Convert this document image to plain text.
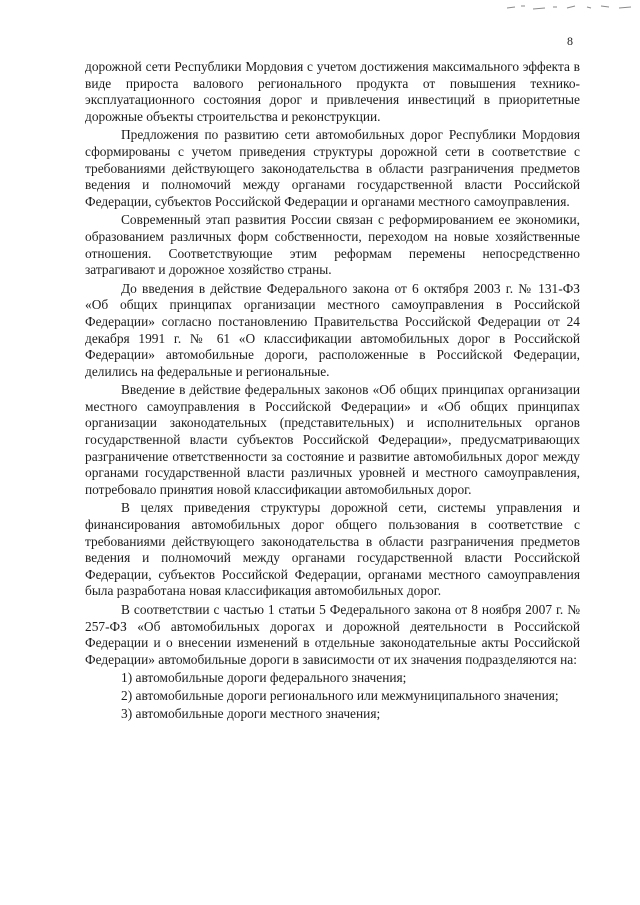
8

дорожной сети Республики Мордовия с учетом достижения максимального эффекта в виде прироста валового регионального продукта от повышения технико-эксплуатационного состояния дорог и привлечения инвестиций в приоритетные дорожные объекты строительства и реконструкции.

Предложения по развитию сети автомобильных дорог Республики Мордовия сформированы с учетом приведения структуры дорожной сети в соответствие с требованиями действующего законодательства в области разграничения предметов ведения и полномочий между органами государственной власти Российской Федерации, субъектов Российской Федерации и органами местного самоуправления.

Современный этап развития России связан с реформированием ее экономики, образованием различных форм собственности, переходом на новые хозяйственные отношения. Соответствующие этим реформам перемены непосредственно затрагивают и дорожное хозяйство страны.

До введения в действие Федерального закона от 6 октября 2003 г. № 131-ФЗ «Об общих принципах организации местного самоуправления в Российской Федерации» согласно постановлению Правительства Российской Федерации от 24 декабря 1991 г. № 61 «О классификации автомобильных дорог в Российской Федерации» автомобильные дороги, расположенные в Российской Федерации, делились на федеральные и региональные.

Введение в действие федеральных законов «Об общих принципах организации местного самоуправления в Российской Федерации» и «Об общих принципах организации законодательных (представительных) и исполнительных органов государственной власти субъектов Российской Федерации», предусматривающих разграничение ответственности за состояние и развитие автомобильных дорог между органами государственной власти различных уровней и местного самоуправления, потребовало принятия новой классификации автомобильных дорог.

В целях приведения структуры дорожной сети, системы управления и финансирования автомобильных дорог общего пользования в соответствие с требованиями действующего законодательства в области разграничения предметов ведения и полномочий между органами государственной власти Российской Федерации, субъектов Российской Федерации, органами местного самоуправления была разработана новая классификация автомобильных дорог.

В соответствии с частью 1 статьи 5 Федерального закона от 8 ноября 2007 г. № 257-ФЗ «Об автомобильных дорогах и дорожной деятельности в Российской Федерации и о внесении изменений в отдельные законодательные акты Российской Федерации» автомобильные дороги в зависимости от их значения подразделяются на:

1) автомобильные дороги федерального значения;

2) автомобильные дороги регионального или межмуниципального значения;

3) автомобильные дороги местного значения;
